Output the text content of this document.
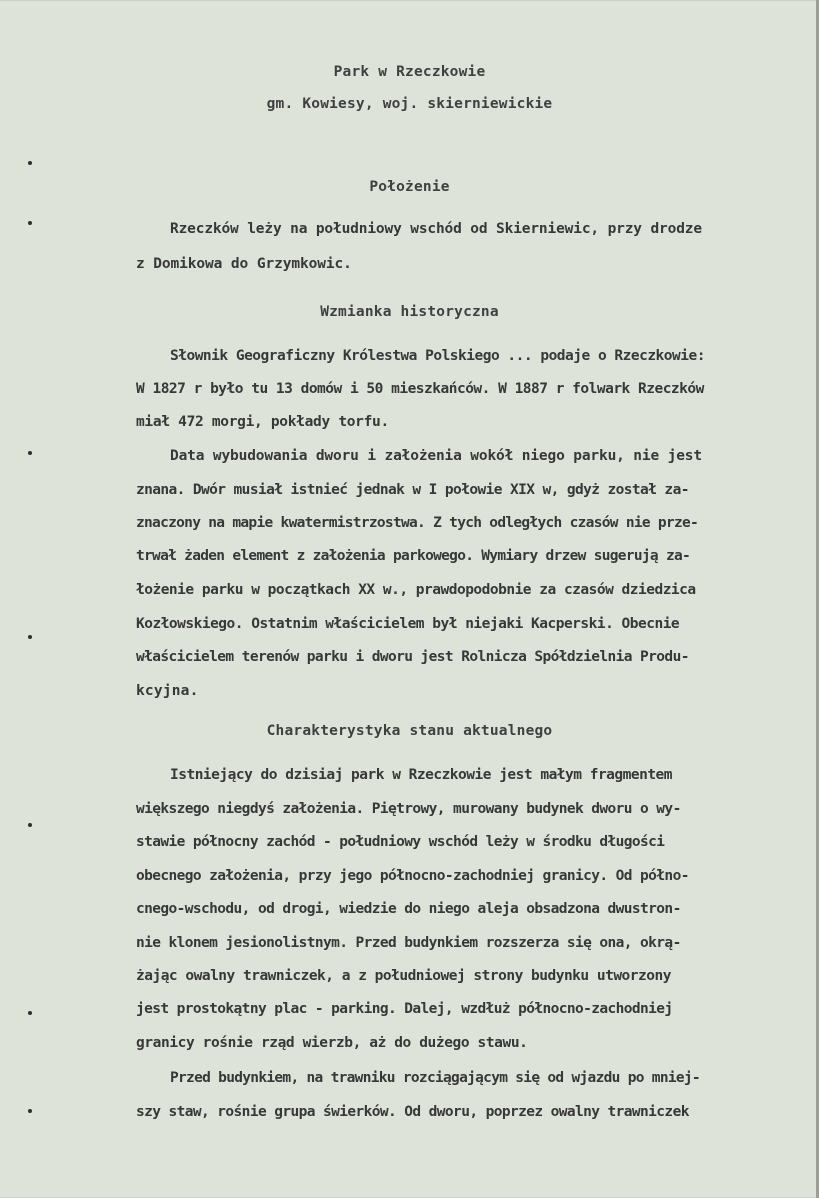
Park w Rzeczkowie
gm. Kowiesy, woj. skierniewickie
Położenie
Rzeczków leży na południowy wschód od Skierniewic, przy drodze
z Domikowa do Grzymkowic.
Wzmianka historyczna
Słownik Geograficzny Królestwa Polskiego ... podaje o Rzeczkowie:
W 1827 r było tu 13 domów i 50 mieszkańców. W 1887 r folwark Rzeczków
miał 472 morgi, pokłady torfu.
Data wybudowania dworu i założenia wokół niego parku, nie jest
znana. Dwór musiał istnieć jednak w I połowie XIX w, gdyż został za-
znaczony na mapie kwatermistrzostwa. Z tych odległych czasów nie prze-
trwał żaden element z założenia parkowego. Wymiary drzew sugerują za-
łożenie parku w początkach XX w., prawdopodobnie za czasów dziedzica
Kozłowskiego. Ostatnim właścicielem był niejaki Kacperski. Obecnie
właścicielem terenów parku i dworu jest Rolnicza Spółdzielnia Produ-
kcyjna.
Charakterystyka stanu aktualnego
Istniejący do dzisiaj park w Rzeczkowie jest małym fragmentem
większego niegdyś założenia. Piętrowy, murowany budynek dworu o wy-
stawie północny zachód - południowy wschód leży w środku długości
obecnego założenia, przy jego północno-zachodniej granicy. Od półno-
cnego-wschodu, od drogi, wiedzie do niego aleja obsadzona dwustron-
nie klonem jesionolistnym. Przed budynkiem rozszerza się ona, okrą-
żając owalny trawniczek, a z południowej strony budynku utworzony
jest prostokątny plac - parking. Dalej, wzdłuż północno-zachodniej
granicy rośnie rząd wierzb, aż do dużego stawu.
Przed budynkiem, na trawniku rozciągającym się od wjazdu po mniej-
szy staw, rośnie grupa świerków. Od dworu, poprzez owalny trawniczek
